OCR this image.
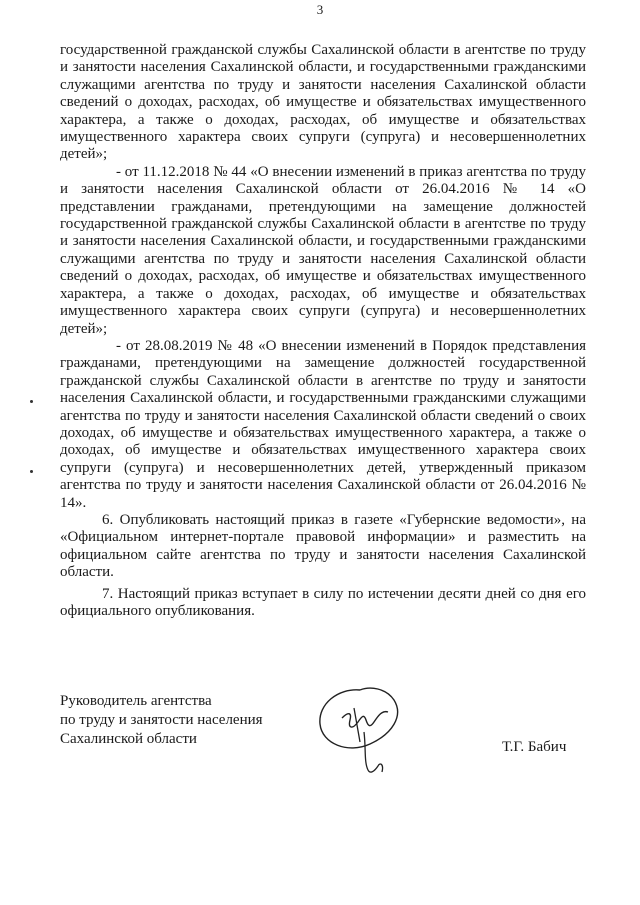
3

государственной гражданской службы Сахалинской области в агентстве по труду и занятости населения Сахалинской области, и государственными гражданскими служащими агентства по труду и занятости населения Сахалинской области сведений о доходах, расходах, об имуществе и обязательствах имущественного характера, а также о доходах, расходах, об имуществе и обязательствах имущественного характера своих супруги (супруга) и несовершеннолетних детей»;

- от 11.12.2018 № 44 «О внесении изменений в приказ агентства по труду и занятости населения Сахалинской области от 26.04.2016 № 14 «О представлении гражданами, претендующими на замещение должностей государственной гражданской службы Сахалинской области в агентстве по труду и занятости населения Сахалинской области, и государственными гражданскими служащими агентства по труду и занятости населения Сахалинской области сведений о доходах, расходах, об имуществе и обязательствах имущественного характера, а также о доходах, расходах, об имуществе и обязательствах имущественного характера своих супруги (супруга) и несовершеннолетних детей»;

- от 28.08.2019 № 48 «О внесении изменений в Порядок представления гражданами, претендующими на замещение должностей государственной гражданской службы Сахалинской области в агентстве по труду и занятости населения Сахалинской области, и государственными гражданскими служащими агентства по труду и занятости населения Сахалинской области сведений о своих доходах, об имуществе и обязательствах имущественного характера, а также о доходах, об имуществе и обязательствах имущественного характера своих супруги (супруга) и несовершеннолетних детей, утвержденный приказом агентства по труду и занятости населения Сахалинской области от 26.04.2016 № 14».

6. Опубликовать настоящий приказ в газете «Губернские ведомости», на «Официальном интернет-портале правовой информации» и разместить на официальном сайте агентства по труду и занятости населения Сахалинской области.

7. Настоящий приказ вступает в силу по истечении десяти дней со дня его официального опубликования.

Руководитель агентства
по труду и занятости населения
Сахалинской области	Т.Г. Бабич
